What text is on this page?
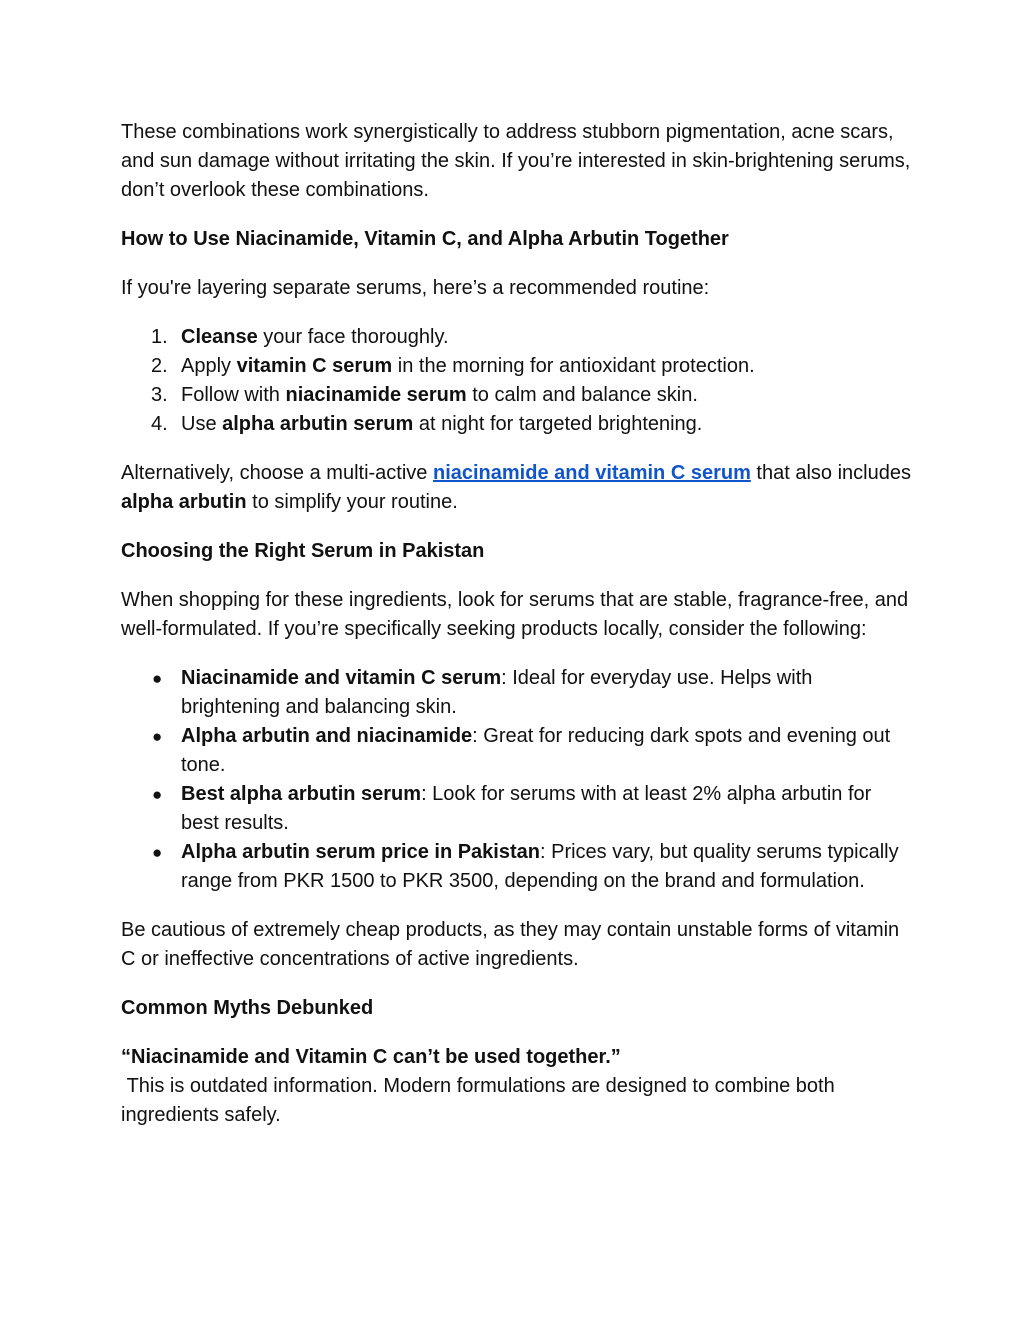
These combinations work synergistically to address stubborn pigmentation, acne scars, and sun damage without irritating the skin. If you’re interested in skin-brightening serums, don’t overlook these combinations.

How to Use Niacinamide, Vitamin C, and Alpha Arbutin Together

If you're layering separate serums, here’s a recommended routine:

1. Cleanse your face thoroughly.
2. Apply vitamin C serum in the morning for antioxidant protection.
3. Follow with niacinamide serum to calm and balance skin.
4. Use alpha arbutin serum at night for targeted brightening.

Alternatively, choose a multi-active niacinamide and vitamin C serum that also includes alpha arbutin to simplify your routine.

Choosing the Right Serum in Pakistan

When shopping for these ingredients, look for serums that are stable, fragrance-free, and well-formulated. If you’re specifically seeking products locally, consider the following:

● Niacinamide and vitamin C serum: Ideal for everyday use. Helps with brightening and balancing skin.
● Alpha arbutin and niacinamide: Great for reducing dark spots and evening out tone.
● Best alpha arbutin serum: Look for serums with at least 2% alpha arbutin for best results.
● Alpha arbutin serum price in Pakistan: Prices vary, but quality serums typically range from PKR 1500 to PKR 3500, depending on the brand and formulation.

Be cautious of extremely cheap products, as they may contain unstable forms of vitamin C or ineffective concentrations of active ingredients.

Common Myths Debunked

“Niacinamide and Vitamin C can’t be used together.”

This is outdated information. Modern formulations are designed to combine both ingredients safely.
